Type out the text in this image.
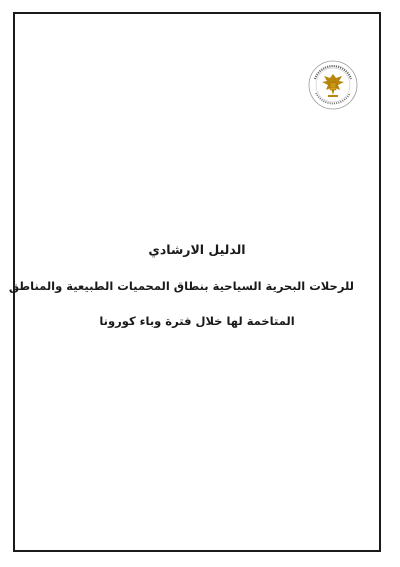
الدليل الارشادي
للرحلات البحرية السياحية بنطاق المحميات الطبيعية والمناطق
المتاخمة لها خلال فترة وباء كورونا
